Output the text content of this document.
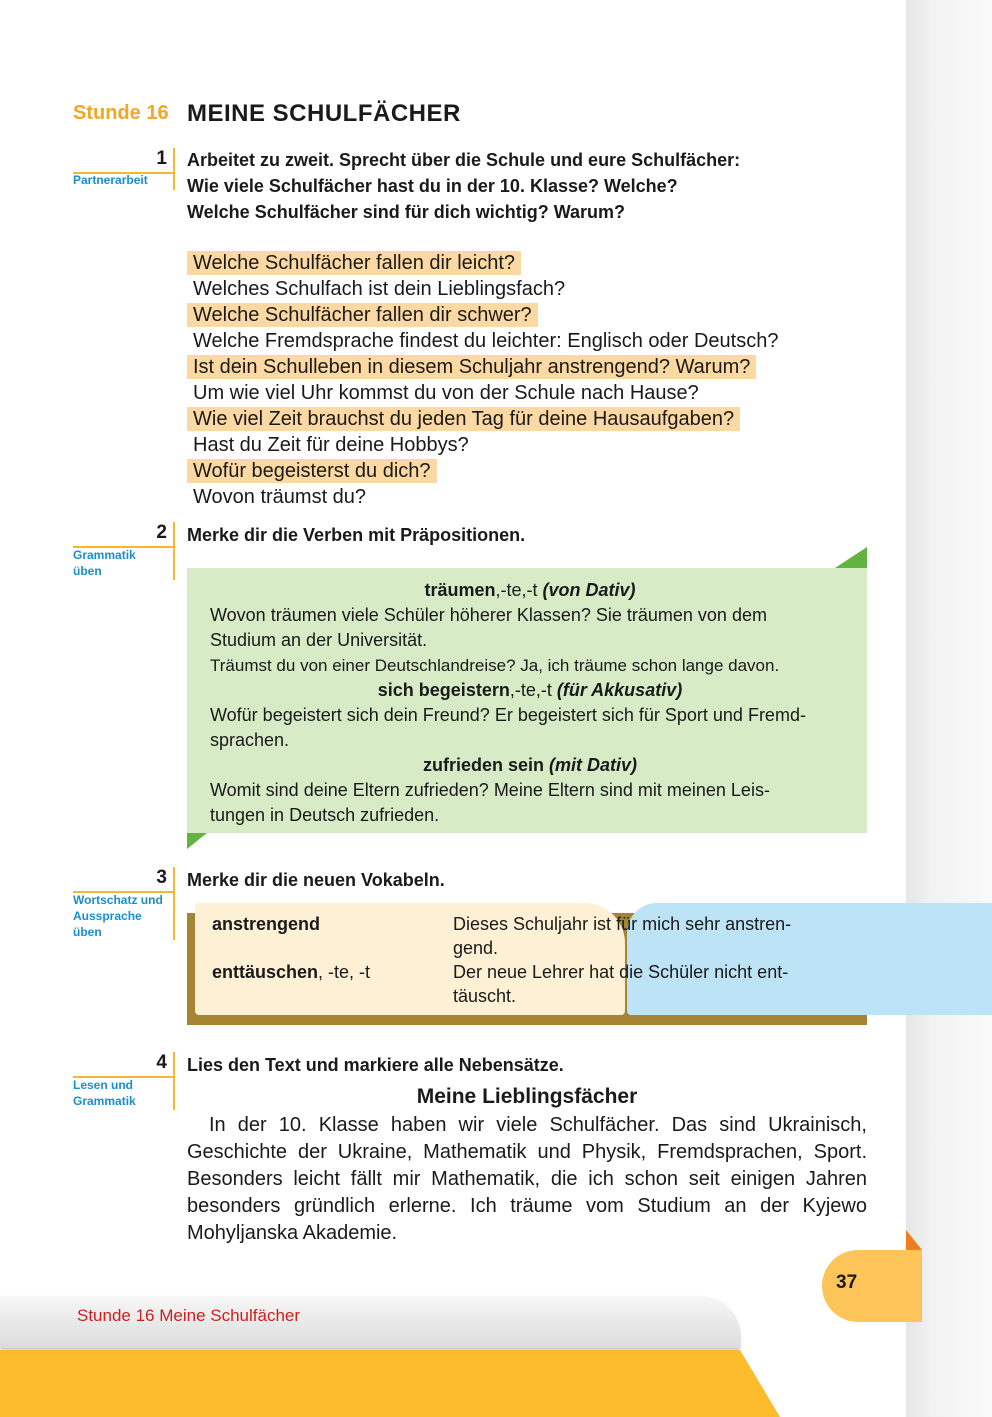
Stunde 16 MEINE SCHULFÄCHER
1
Partnerarbeit
Arbeitet zu zweit. Sprecht über die Schule und eure Schulfächer:
Wie viele Schulfächer hast du in der 10. Klasse? Welche?
Welche Schulfächer sind für dich wichtig? Warum?
Welche Schulfächer fallen dir leicht?
Welches Schulfach ist dein Lieblingsfach?
Welche Schulfächer fallen dir schwer?
Welche Fremdsprache findest du leichter: Englisch oder Deutsch?
Ist dein Schulleben in diesem Schuljahr anstrengend? Warum?
Um wie viel Uhr kommst du von der Schule nach Hause?
Wie viel Zeit brauchst du jeden Tag für deine Hausaufgaben?
Hast du Zeit für deine Hobbys?
Wofür begeisterst du dich?
Wovon träumst du?
2
Grammatik üben
Merke dir die Verben mit Präpositionen.
träumen,-te,-t (von Dativ)
Wovon träumen viele Schüler höherer Klassen? Sie träumen von dem
Studium an der Universität.
Träumst du von einer Deutschlandreise? Ja, ich träume schon lange davon.
sich begeistern,-te,-t (für Akkusativ)
Wofür begeistert sich dein Freund? Er begeistert sich für Sport und Fremd-
sprachen.
zufrieden sein (mit Dativ)
Womit sind deine Eltern zufrieden? Meine Eltern sind mit meinen Leis-
tungen in Deutsch zufrieden.
3
Wortschatz und Aussprache üben
Merke dir die neuen Vokabeln.
anstrengend
enttäuschen, -te, -t
Dieses Schuljahr ist für mich sehr anstren-
gend.
Der neue Lehrer hat die Schüler nicht ent-
täuscht.
4
Lesen und Grammatik
Lies den Text und markiere alle Nebensätze.
Meine Lieblingsfächer
In der 10. Klasse haben wir viele Schulfächer. Das sind Ukrainisch, Geschichte der Ukraine, Mathematik und Physik, Fremdsprachen, Sport. Besonders leicht fällt mir Mathematik, die ich schon seit einigen Jahren besonders gründlich erlerne. Ich träume vom Studium an der Kyjewo Mohyljanska Akademie.
37
Stunde 16 Meine Schulfächer
